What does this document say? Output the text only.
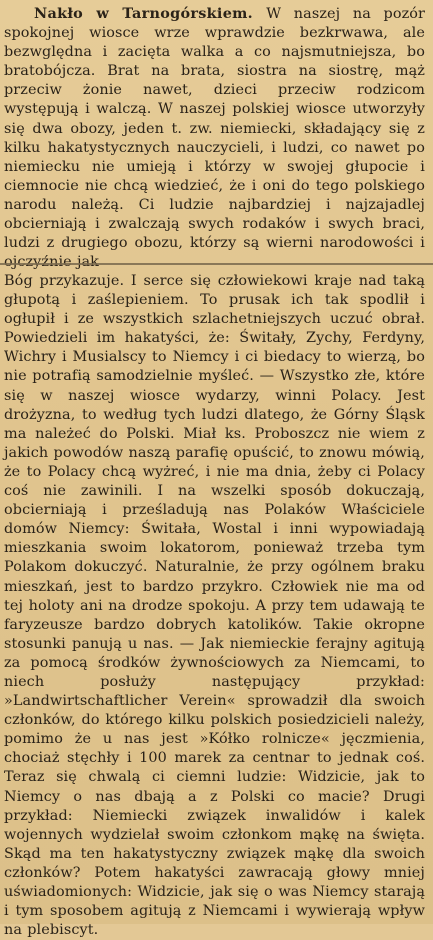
Nakło w Tarnogórskiem. W naszej na pozór spokojnej wiosce wrze wprawdzie bezkrwawa, ale bezwględna i zacięta walka a co najsmutniejsza, bo bratobójcza. Brat na brata, siostra na siostrę, mąż przeciw żonie nawet, dzieci przeciw rodzicom występują i walczą. W naszej polskiej wiosce utworzyły się dwa obozy, jeden t. zw. niemiecki, składający się z kilku hakatystycznych nauczycieli, i ludzi, co nawet po niemiecku nie umieją i którzy w swojej głupocie i ciemnocie nie chcą wiedzieć, że i oni do tego polskiego narodu należą. Ci ludzie najbardziej i najzajadlej obcierniają i zwalczają swych rodaków i swych braci, ludzi z drugiego obozu, którzy są wierni narodowości i
Bóg przykazuje. I serce się człowiekowi kraje nad taką głupotą i zaślepieniem. To prusak ich tak spodlił i ogłupił i ze wszystkich szlachetniejszych uczuć obrał. Powiedzieli im hakatyści, że: Świtały, Zychy, Ferdyny, Wichry i Musialscy to Niemcy i ci biedacy to wierzą, bo nie potrafią samodzielnie myśleć. — Wszystko złe, które się w naszej wiosce wydarzy, winni Polacy. Jest drożyzna, to według tych ludzi dlatego, że Górny Śląsk ma należeć do Polski. Miał ks. Proboszcz nie wiem z jakich powodów naszą parafię opuścić, to znowu mówią, że to Polacy chcą wyżreć, i nie ma dnia, żeby ci Polacy coś nie zawinili. I na wszelki sposób dokuczają, obcierniają i prześladują nas Polaków Właściciele domów Niemcy: Świtała, Wostal i inni wypowiadają mieszkania swoim lokatorom, ponieważ trzeba tym Polakom dokuczyć. Naturalnie, że przy ogólnem braku mieszkań, jest to bardzo przykro. Człowiek nie ma od tej holoty ani na drodze spokoju. A przy tem udawają te faryzeusze bardzo dobrych katolików. Takie okropne stosunki panują u nas. — Jak niemieckie ferajny agitują za pomocą środków żywnościowych za Niemcami, to niech posłuży następujący przykład: »Landwirtschaftlicher Verein« sprowadził dla swoich członków, do którego kilku polskich posiedzicieli należy, pomimo że u nas jest »Kółko rolnicze« jęczmienia, chociaż stęchły i 100 marek za centnar to jednak coś. Teraz się chwalą ci ciemni ludzie: Widzicie, jak to Niemcy o nas dbają a z Polski co macie? Drugi przykład: Niemiecki związek inwalidów i kalek wojennych wydzielał swoim członkom mąkę na święta. Skąd ma ten hakatystyczny związek mąkę dla swoich członków? Potem hakatyści zawracają głowy mniej uświadomionych: Widzicie, jak się o was Niemcy starają i tym sposobem agitują z Niemcami i wywierają wpływ na plebiscyt.
